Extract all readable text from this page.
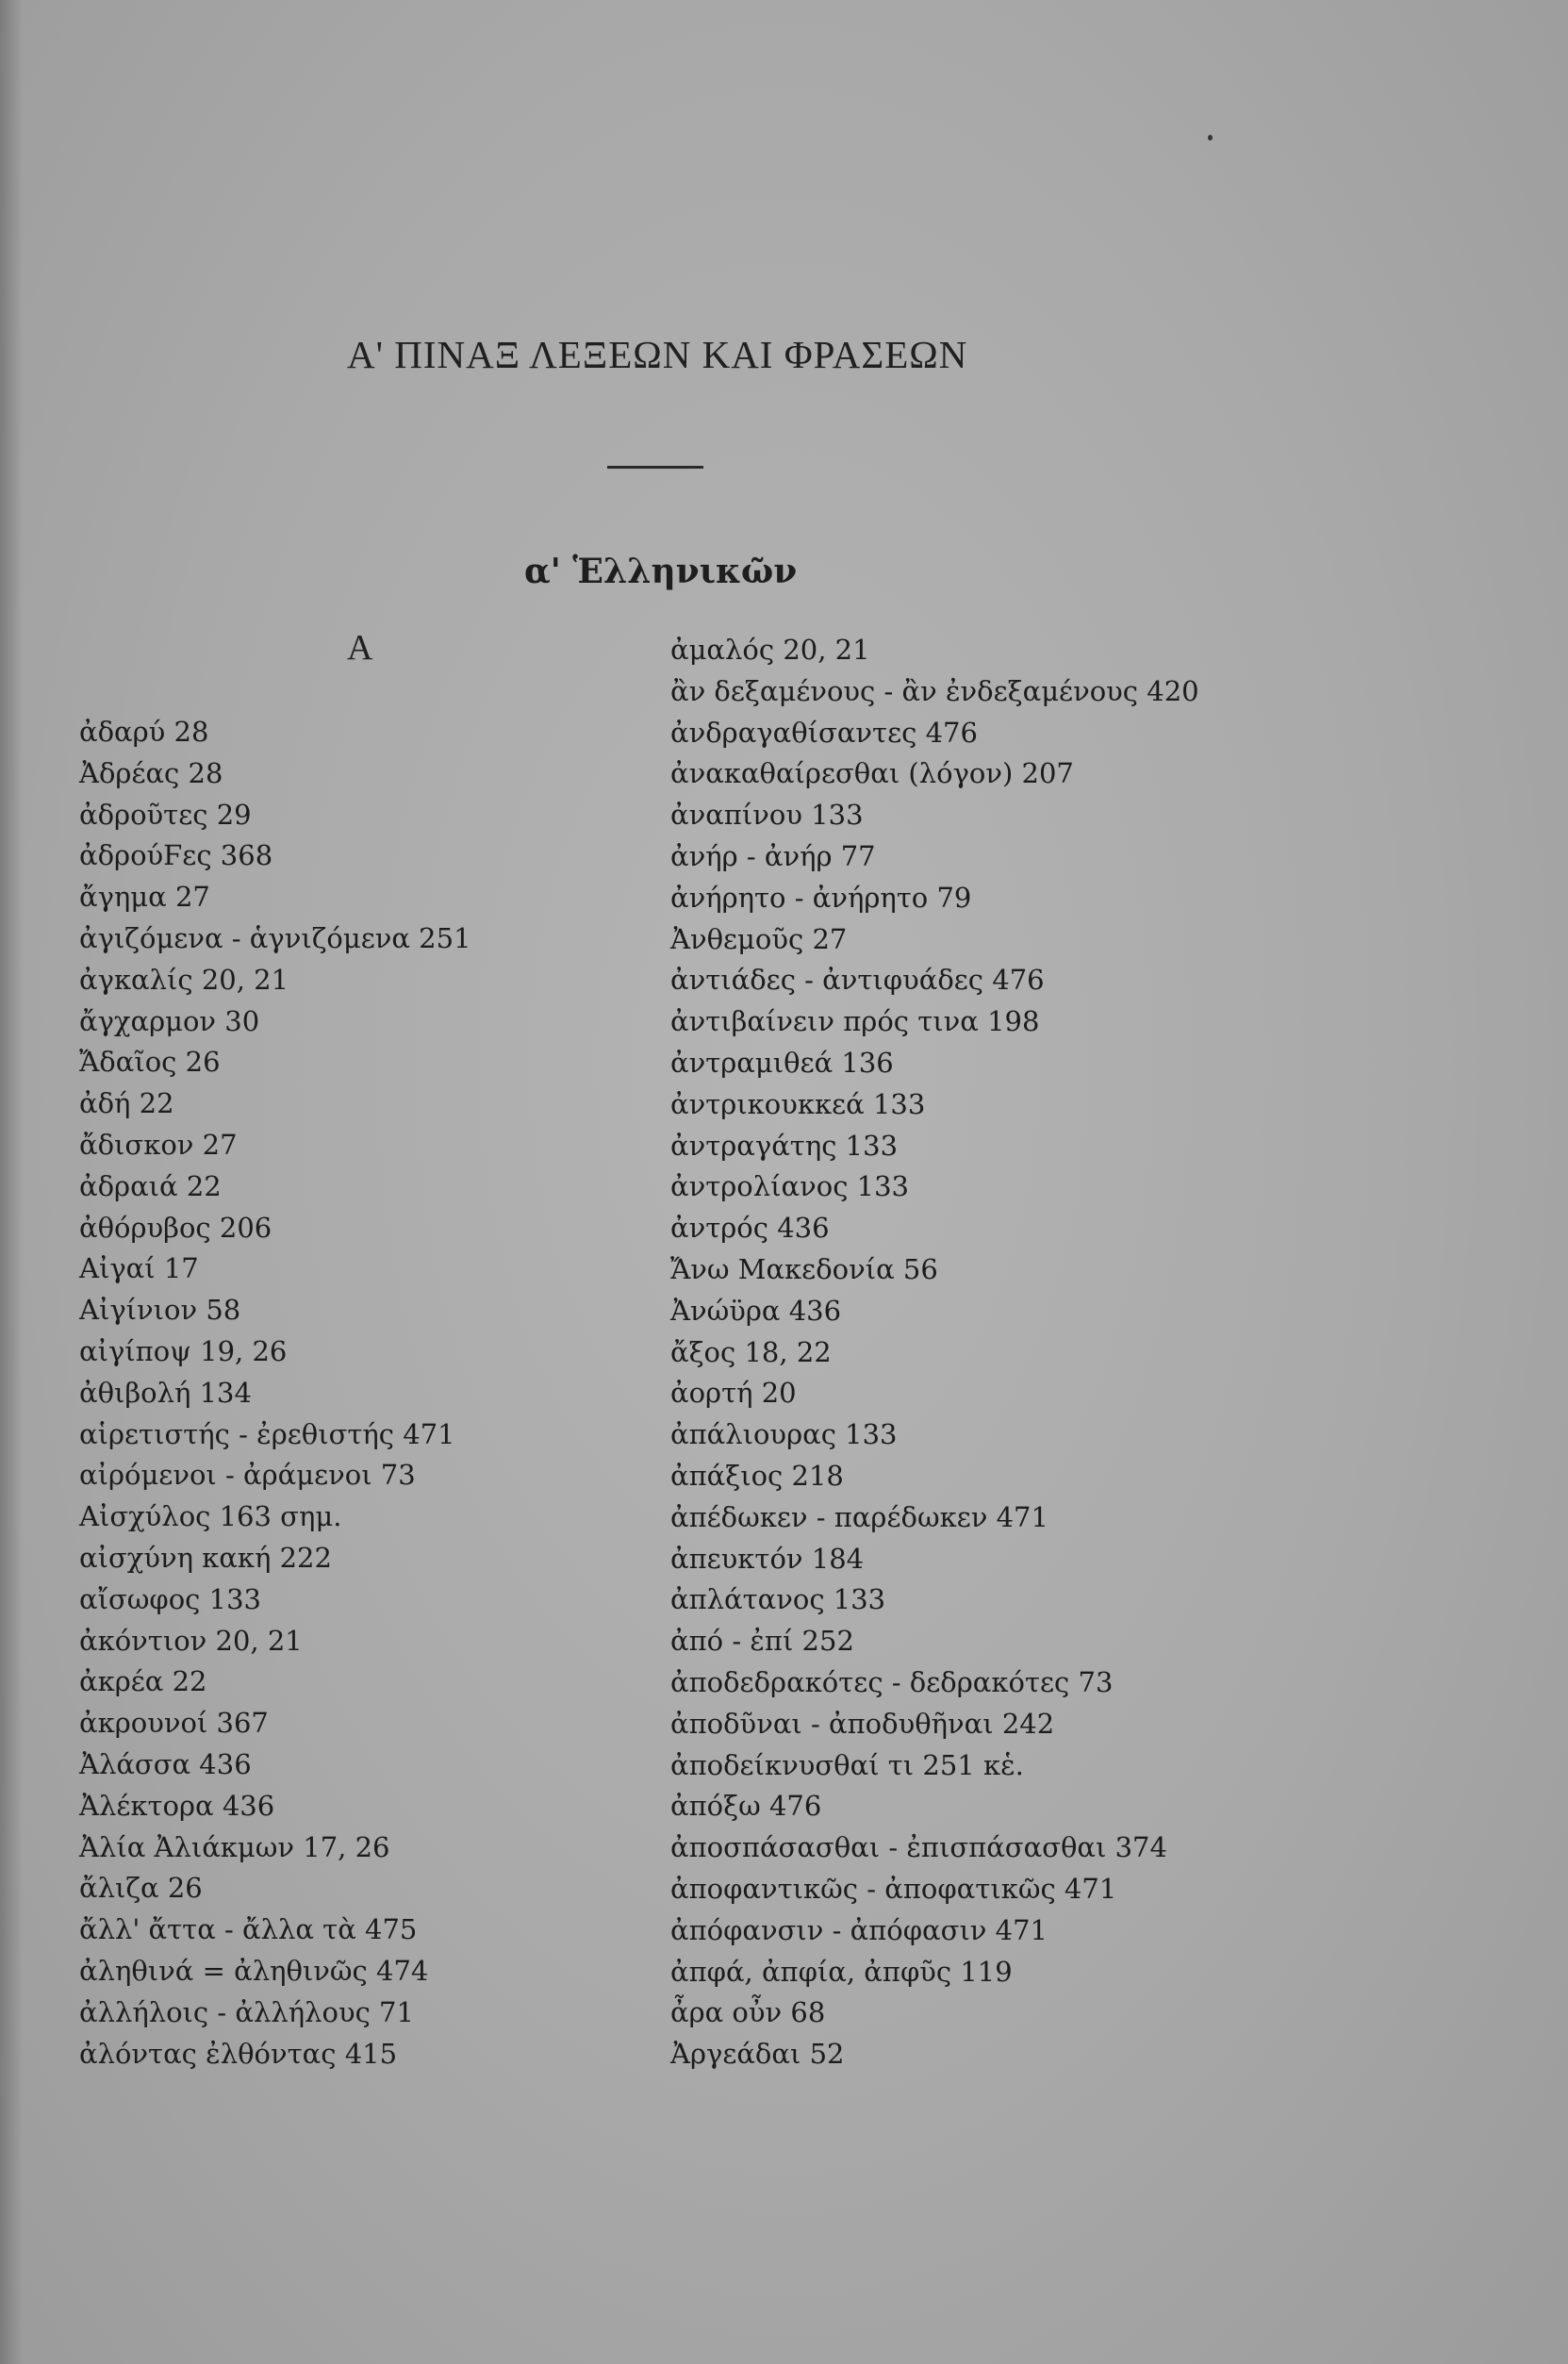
Α' ΠΙΝΑΞ ΛΕΞΕΩΝ ΚΑΙ ΦΡΑΣΕΩΝ
α' Ἑλληνικῶν
Α
ἀδαρύ 28
Ἀδρέας 28
ἀδροῦτες 29
ἀδρούϜες 368
ἄγημα 27
ἀγιζόμενα - ἁγνιζόμενα 251
ἀγκαλίς 20, 21
ἄγχαρμον 30
Ἄδαῖος 26
ἀδή 22
ἄδισκον 27
ἀδραιά 22
ἀθόρυβος 206
Αἰγαί 17
Αἰγίνιον 58
αἰγίποψ 19, 26
ἀθιβολή 134
αἱρετιστής - ἐρεθιστής 471
αἰρόμενοι - ἀράμενοι 73
Αἰσχύλος 163 σημ.
αἰσχύνη κακή 222
αἴσωφος 133
ἀκόντιον 20, 21
ἀκρέα 22
ἀκρουνοί 367
Ἀλάσσα 436
Ἀλέκτορα 436
Ἀλία Ἀλιάκμων 17, 26
ἄλιζα 26
ἄλλ' ἄττα - ἄλλα τὰ 475
ἀληθινά = ἀληθινῶς 474
ἀλλήλοις - ἀλλήλους 71
ἀλόντας ἐλθόντας 415
ἀμαλός 20, 21
ἂν δεξαμένους - ἂν ἐνδεξαμένους 420
ἀνδραγαθίσαντες 476
ἀνακαθαίρεσθαι (λόγον) 207
ἀναπίνου 133
ἀνήρ - ἀνήρ 77
ἀνήρητο - ἀνήρητο 79
Ἀνθεμοῦς 27
ἀντιάδες - ἀντιφυάδες 476
ἀντιβαίνειν πρός τινα 198
ἀντραμιθεά 136
ἀντρικουκκεά 133
ἀντραγάτης 133
ἀντρολίανος 133
ἀντρός 436
Ἄνω Μακεδονία 56
Ἀνώϋρα 436
ἄξος 18, 22
ἀορτή 20
ἀπάλιουρας 133
ἀπάξιος 218
ἀπέδωκεν - παρέδωκεν 471
ἀπευκτόν 184
ἀπλάτανος 133
ἀπό - ἐπί 252
ἀποδεδρακότες - δεδρακότες 73
ἀποδῦναι - ἀποδυθῆναι 242
ἀποδείκνυσθαί τι 251 κἑ.
ἀπόξω 476
ἀποσπάσασθαι - ἐπισπάσασθαι 374
ἀποφαντικῶς - ἀποφατικῶς 471
ἀπόφανσιν - ἀπόφασιν 471
ἀπφά, ἀπφία, ἀπφῦς 119
ἆρα οὖν 68
Ἀργεάδαι 52
